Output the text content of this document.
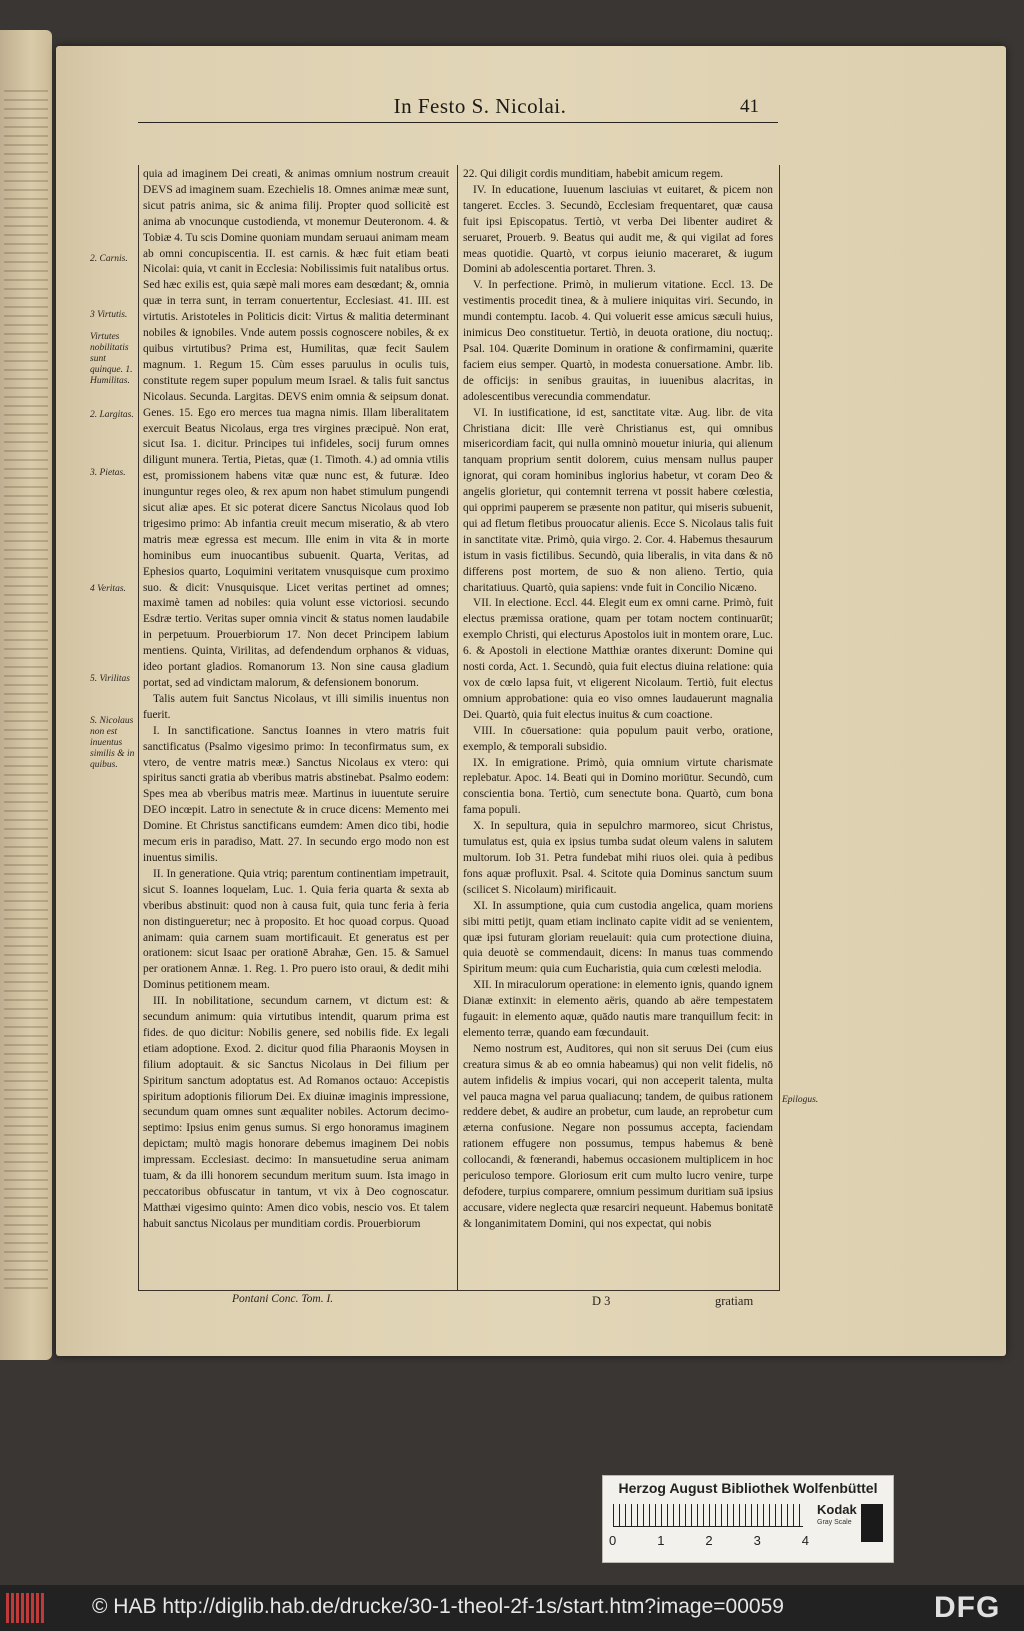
In Festo S. Nicolai.	41

quia ad imaginem Dei creati, & animas omnium nostrum creauit DEVS ad imaginem suam. Ezechielis 18. Omnes animæ meæ sunt, sicut patris anima, sic & anima filij. Propter quod sollicitè est anima ab vnocunque custodienda, vt monemur Deuteronom. 4. & Tobiæ 4. Tu scis Domine quoniam mundam seruaui animam meam ab omni concupiscentia. II. est carnis. & hæc fuit etiam beati Nicolai: quia, vt canit in Ecclesia: Nobilissimis fuit natalibus ortus. Sed hæc exilis est, quia sæpè mali mores eam desœdant; &, omnia quæ in terra sunt, in terram conuertentur, Ecclesiast. 41. III. est virtutis. Aristoteles in Politicis dicit: Virtus & malitia determinant nobiles & ignobiles. Vnde autem possis cognoscere nobiles, & ex quibus virtutibus? Prima est, Humilitas, quæ fecit Saulem magnum. 1. Regum 15. Cùm esses paruulus in oculis tuis, constitute regem super populum meum Israel. & talis fuit sanctus Nicolaus. Secunda. Largitas. DEVS enim omnia & seipsum donat. Genes. 15. Ego ero merces tua magna nimis. Illam liberalitatem exercuit Beatus Nicolaus, erga tres virgines præcipuè. Non erat, sicut Isa. 1. dicitur. Principes tui infideles, socij furum omnes diligunt munera. Tertia, Pietas, quæ (1. Timoth. 4.) ad omnia vtilis est, promissionem habens vitæ quæ nunc est, & futuræ. Ideo inunguntur reges oleo, & rex apum non habet stimulum pungendi sicut aliæ apes. Et sic poterat dicere Sanctus Nicolaus quod Iob trigesimo primo: Ab infantia creuit mecum miseratio, & ab vtero matris meæ egressa est mecum. Ille enim in vita & in morte hominibus eum inuocantibus subuenit. Quarta, Veritas, ad Ephesios quarto, Loquimini veritatem vnusquisque cum proximo suo. & dicit: Vnusquisque. Licet veritas pertinet ad omnes; maximè tamen ad nobiles: quia volunt esse victoriosi. secundo Esdræ tertio. Veritas super omnia vincit & status nomen laudabile in perpetuum. Prouerbiorum 17. Non decet Principem labium mentiens. Quinta, Virilitas, ad defendendum orphanos & viduas, ideo portant gladios. Romanorum 13. Non sine causa gladium portat, sed ad vindictam malorum, & defensionem bonorum.

Talis autem fuit Sanctus Nicolaus, vt illi similis inuentus non fuerit.

I. In sanctificatione. Sanctus Ioannes in vtero matris fuit sanctificatus (Psalmo vigesimo primo: In teconfirmatus sum, ex vtero, de ventre matris meæ.) Sanctus Nicolaus ex vtero: qui spiritus sancti gratia ab vberibus matris abstinebat. Psalmo eodem: Spes mea ab vberibus matris meæ. Martinus in iuuentute seruire DEO incœpit. Latro in senectute & in cruce dicens: Memento mei Domine. Et Christus sanctificans eumdem: Amen dico tibi, hodie mecum eris in paradiso, Matt. 27. In secundo ergo modo non est inuentus similis.

II. In generatione. Quia vtriq; parentum continentiam impetrauit, sicut S. Ioannes loquelam, Luc. 1. Quia feria quarta & sexta ab vberibus abstinuit: quod non à causa fuit, quia tunc feria à feria non distingueretur; nec à proposito. Et hoc quoad corpus. Quoad animam: quia carnem suam mortificauit. Et generatus est per orationem: sicut Isaac per orationē Abrahæ, Gen. 15. & Samuel per orationem Annæ. 1. Reg. 1. Pro puero isto oraui, & dedit mihi Dominus petitionem meam.

III. In nobilitatione, secundum carnem, vt dictum est: & secundum animum: quia virtutibus intendit, quarum prima est fides. de quo dicitur: Nobilis genere, sed nobilis fide. Ex legali etiam adoptione. Exod. 2. dicitur quod filia Pharaonis Moysen in filium adoptauit. & sic Sanctus Nicolaus in Dei filium per Spiritum sanctum adoptatus est. Ad Romanos octauo: Accepistis spiritum adoptionis filiorum Dei. Ex diuinæ imaginis impressione, secundum quam omnes sunt æqualiter nobiles. Actorum decimo-septimo: Ipsius enim genus sumus. Si ergo honoramus imaginem depictam; multò magis honorare debemus imaginem Dei nobis impressam. Ecclesiast. decimo: In mansuetudine serua animam tuam, & da illi honorem secundum meritum suum. Ista imago in peccatoribus obfuscatur in tantum, vt vix à Deo cognoscatur. Matthæi vigesimo quinto: Amen dico vobis, nescio vos. Et talem habuit sanctus Nicolaus per munditiam cordis. Prouerbiorum

22. Qui diligit cordis munditiam, habebit amicum regem.

IV. In educatione, Iuuenum lasciuias vt euitaret, & picem non tangeret. Eccles. 3. Secundò, Ecclesiam frequentaret, quæ causa fuit ipsi Episcopatus. Tertiò, vt verba Dei libenter audiret & seruaret, Prouerb. 9. Beatus qui audit me, & qui vigilat ad fores meas quotidie. Quartò, vt corpus ieiunio maceraret, & iugum Domini ab adolescentia portaret. Thren. 3.

V. In perfectione. Primò, in mulierum vitatione. Eccl. 13. De vestimentis procedit tinea, & à muliere iniquitas viri. Secundo, in mundi contemptu. Iacob. 4. Qui voluerit esse amicus sæculi huius, inimicus Deo constituetur. Tertiò, in deuota oratione, diu noctuq;. Psal. 104. Quærite Dominum in oratione & confirmamini, quærite faciem eius semper. Quartò, in modesta conuersatione. Ambr. lib. de officijs: in senibus grauitas, in iuuenibus alacritas, in adolescentibus verecundia commendatur.

VI. In iustificatione, id est, sanctitate vitæ. Aug. libr. de vita Christiana dicit: Ille verè Christianus est, qui omnibus misericordiam facit, qui nulla omninò mouetur iniuria, qui alienum tanquam proprium sentit dolorem, cuius mensam nullus pauper ignorat, qui coram hominibus inglorius habetur, vt coram Deo & angelis glorietur, qui contemnit terrena vt possit habere cœlestia, qui opprimi pauperem se præsente non patitur, qui miseris subuenit, qui ad fletum fletibus prouocatur alienis. Ecce S. Nicolaus talis fuit in sanctitate vitæ. Primò, quia virgo. 2. Cor. 4. Habemus thesaurum istum in vasis fictilibus. Secundò, quia liberalis, in vita dans & nō differens post mortem, de suo & non alieno. Tertio, quia charitatiuus. Quartò, quia sapiens: vnde fuit in Concilio Nicæno.

VII. In electione. Eccl. 44. Elegit eum ex omni carne. Primò, fuit electus præmissa oratione, quam per totam noctem continuarūt; exemplo Christi, qui electurus Apostolos iuit in montem orare, Luc. 6. & Apostoli in electione Matthiæ orantes dixerunt: Domine qui nosti corda, Act. 1. Secundò, quia fuit electus diuina relatione: quia vox de cœlo lapsa fuit, vt eligerent Nicolaum. Tertiò, fuit electus omnium approbatione: quia eo viso omnes laudauerunt magnalia Dei. Quartò, quia fuit electus inuitus & cum coactione.

VIII. In cōuersatione: quia populum pauit verbo, oratione, exemplo, & temporali subsidio.

IX. In emigratione. Primò, quia omnium virtute charismate replebatur. Apoc. 14. Beati qui in Domino moriūtur. Secundò, cum conscientia bona. Tertiò, cum senectute bona. Quartò, cum bona fama populi.

X. In sepultura, quia in sepulchro marmoreo, sicut Christus, tumulatus est, quia ex ipsius tumba sudat oleum valens in salutem multorum. Iob 31. Petra fundebat mihi riuos olei. quia à pedibus fons aquæ profluxit. Psal. 4. Scitote quia Dominus sanctum suum (scilicet S. Nicolaum) mirificauit.

XI. In assumptione, quia cum custodia angelica, quam moriens sibi mitti petijt, quam etiam inclinato capite vidit ad se venientem, quæ ipsi futuram gloriam reuelauit: quia cum protectione diuina, quia deuotè se commendauit, dicens: In manus tuas commendo Spiritum meum: quia cum Eucharistia, quia cum cœlesti melodia.

XII. In miraculorum operatione: in elemento ignis, quando ignem Dianæ extinxit: in elemento aëris, quando ab aëre tempestatem fugauit: in elemento aquæ, quādo nautis mare tranquillum fecit: in elemento terræ, quando eam fœcundauit.

Nemo nostrum est, Auditores, qui non sit seruus Dei (cum eius creatura simus & ab eo omnia habeamus) qui non velit fidelis, nō autem infidelis & impius vocari, qui non acceperit talenta, multa vel pauca magna vel parua qualiacunq; tandem, de quibus rationem reddere debet, & audire an probetur, cum laude, an reprobetur cum æterna confusione. Negare non possumus accepta, faciendam rationem effugere non possumus, tempus habemus & benè collocandi, & fœnerandi, habemus occasionem multiplicem in hoc periculoso tempore. Gloriosum erit cum multo lucro venire, turpe defodere, turpius comparere, omnium pessimum duritiam suā ipsius accusare, videre neglecta quæ resarciri nequeunt. Habemus bonitatē & longanimitatem Domini, qui nos expectat, qui nobis

2. Carnis.
3 Virtutis.
Virtutes nobilitatis sunt quinque. 1. Humilitas.
2. Largitas.
3. Pietas.
4 Veritas.
5. Virilitas
S. Nicolaus non est inuentus similis & in quibus.
Epilogus.
Pontani Conc. Tom. I.	D 3	gratiam
Herzog August Bibliothek Wolfenbüttel
0	1	2	3	4
Kodak
Gray Scale
© HAB http://diglib.hab.de/drucke/30-1-theol-2f-1s/start.htm?image=00059	DFG
